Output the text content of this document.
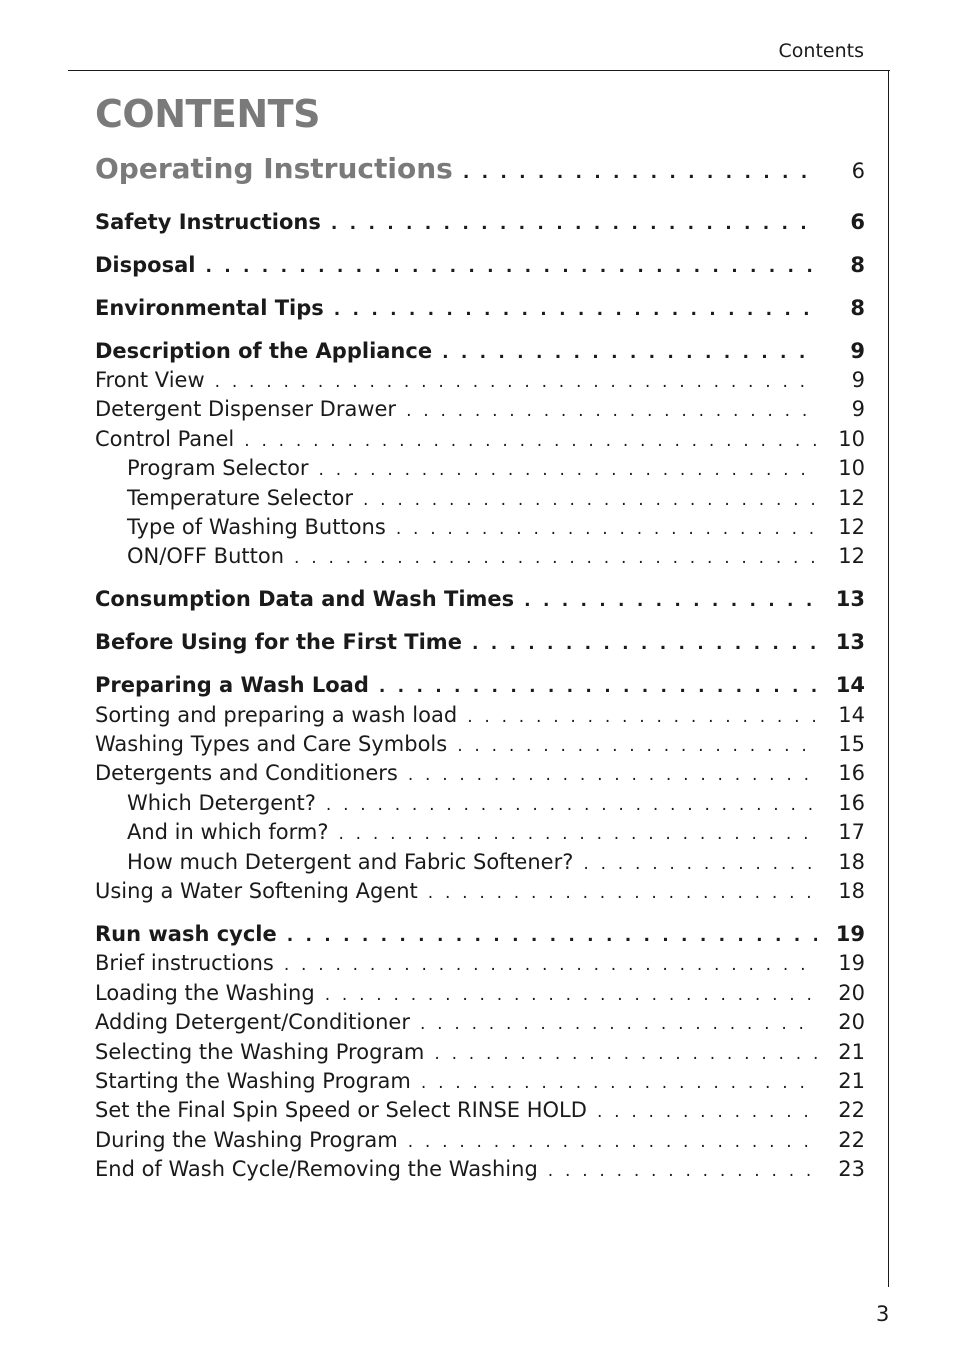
Contents
CONTENTS
Operating Instructions . . .	6
Safety Instructions . . .	6
Disposal . . .	8
Environmental Tips . . .	8
Description of the Appliance . . .	9
Front View . . .	9
Detergent Dispenser Drawer . . .	9
Control Panel . . .	10
Program Selector . . .	10
Temperature Selector . . .	12
Type of Washing Buttons . . .	12
ON/OFF Button . . .	12
Consumption Data and Wash Times . . .	13
Before Using for the First Time . . .	13
Preparing a Wash Load . . .	14
Sorting and preparing a wash load . . .	14
Washing Types and Care Symbols . . .	15
Detergents and Conditioners . . .	16
Which Detergent? . . .	16
And in which form? . . .	17
How much Detergent and Fabric Softener? . . .	18
Using a Water Softening Agent . . .	18
Run wash cycle . . .	19
Brief instructions . . .	19
Loading the Washing . . .	20
Adding Detergent/Conditioner . . .	20
Selecting the Washing Program . . .	21
Starting the Washing Program . . .	21
Set the Final Spin Speed or Select RINSE HOLD . . .	22
During the Washing Program . . .	22
End of Wash Cycle/Removing the Washing . . .	23
3
